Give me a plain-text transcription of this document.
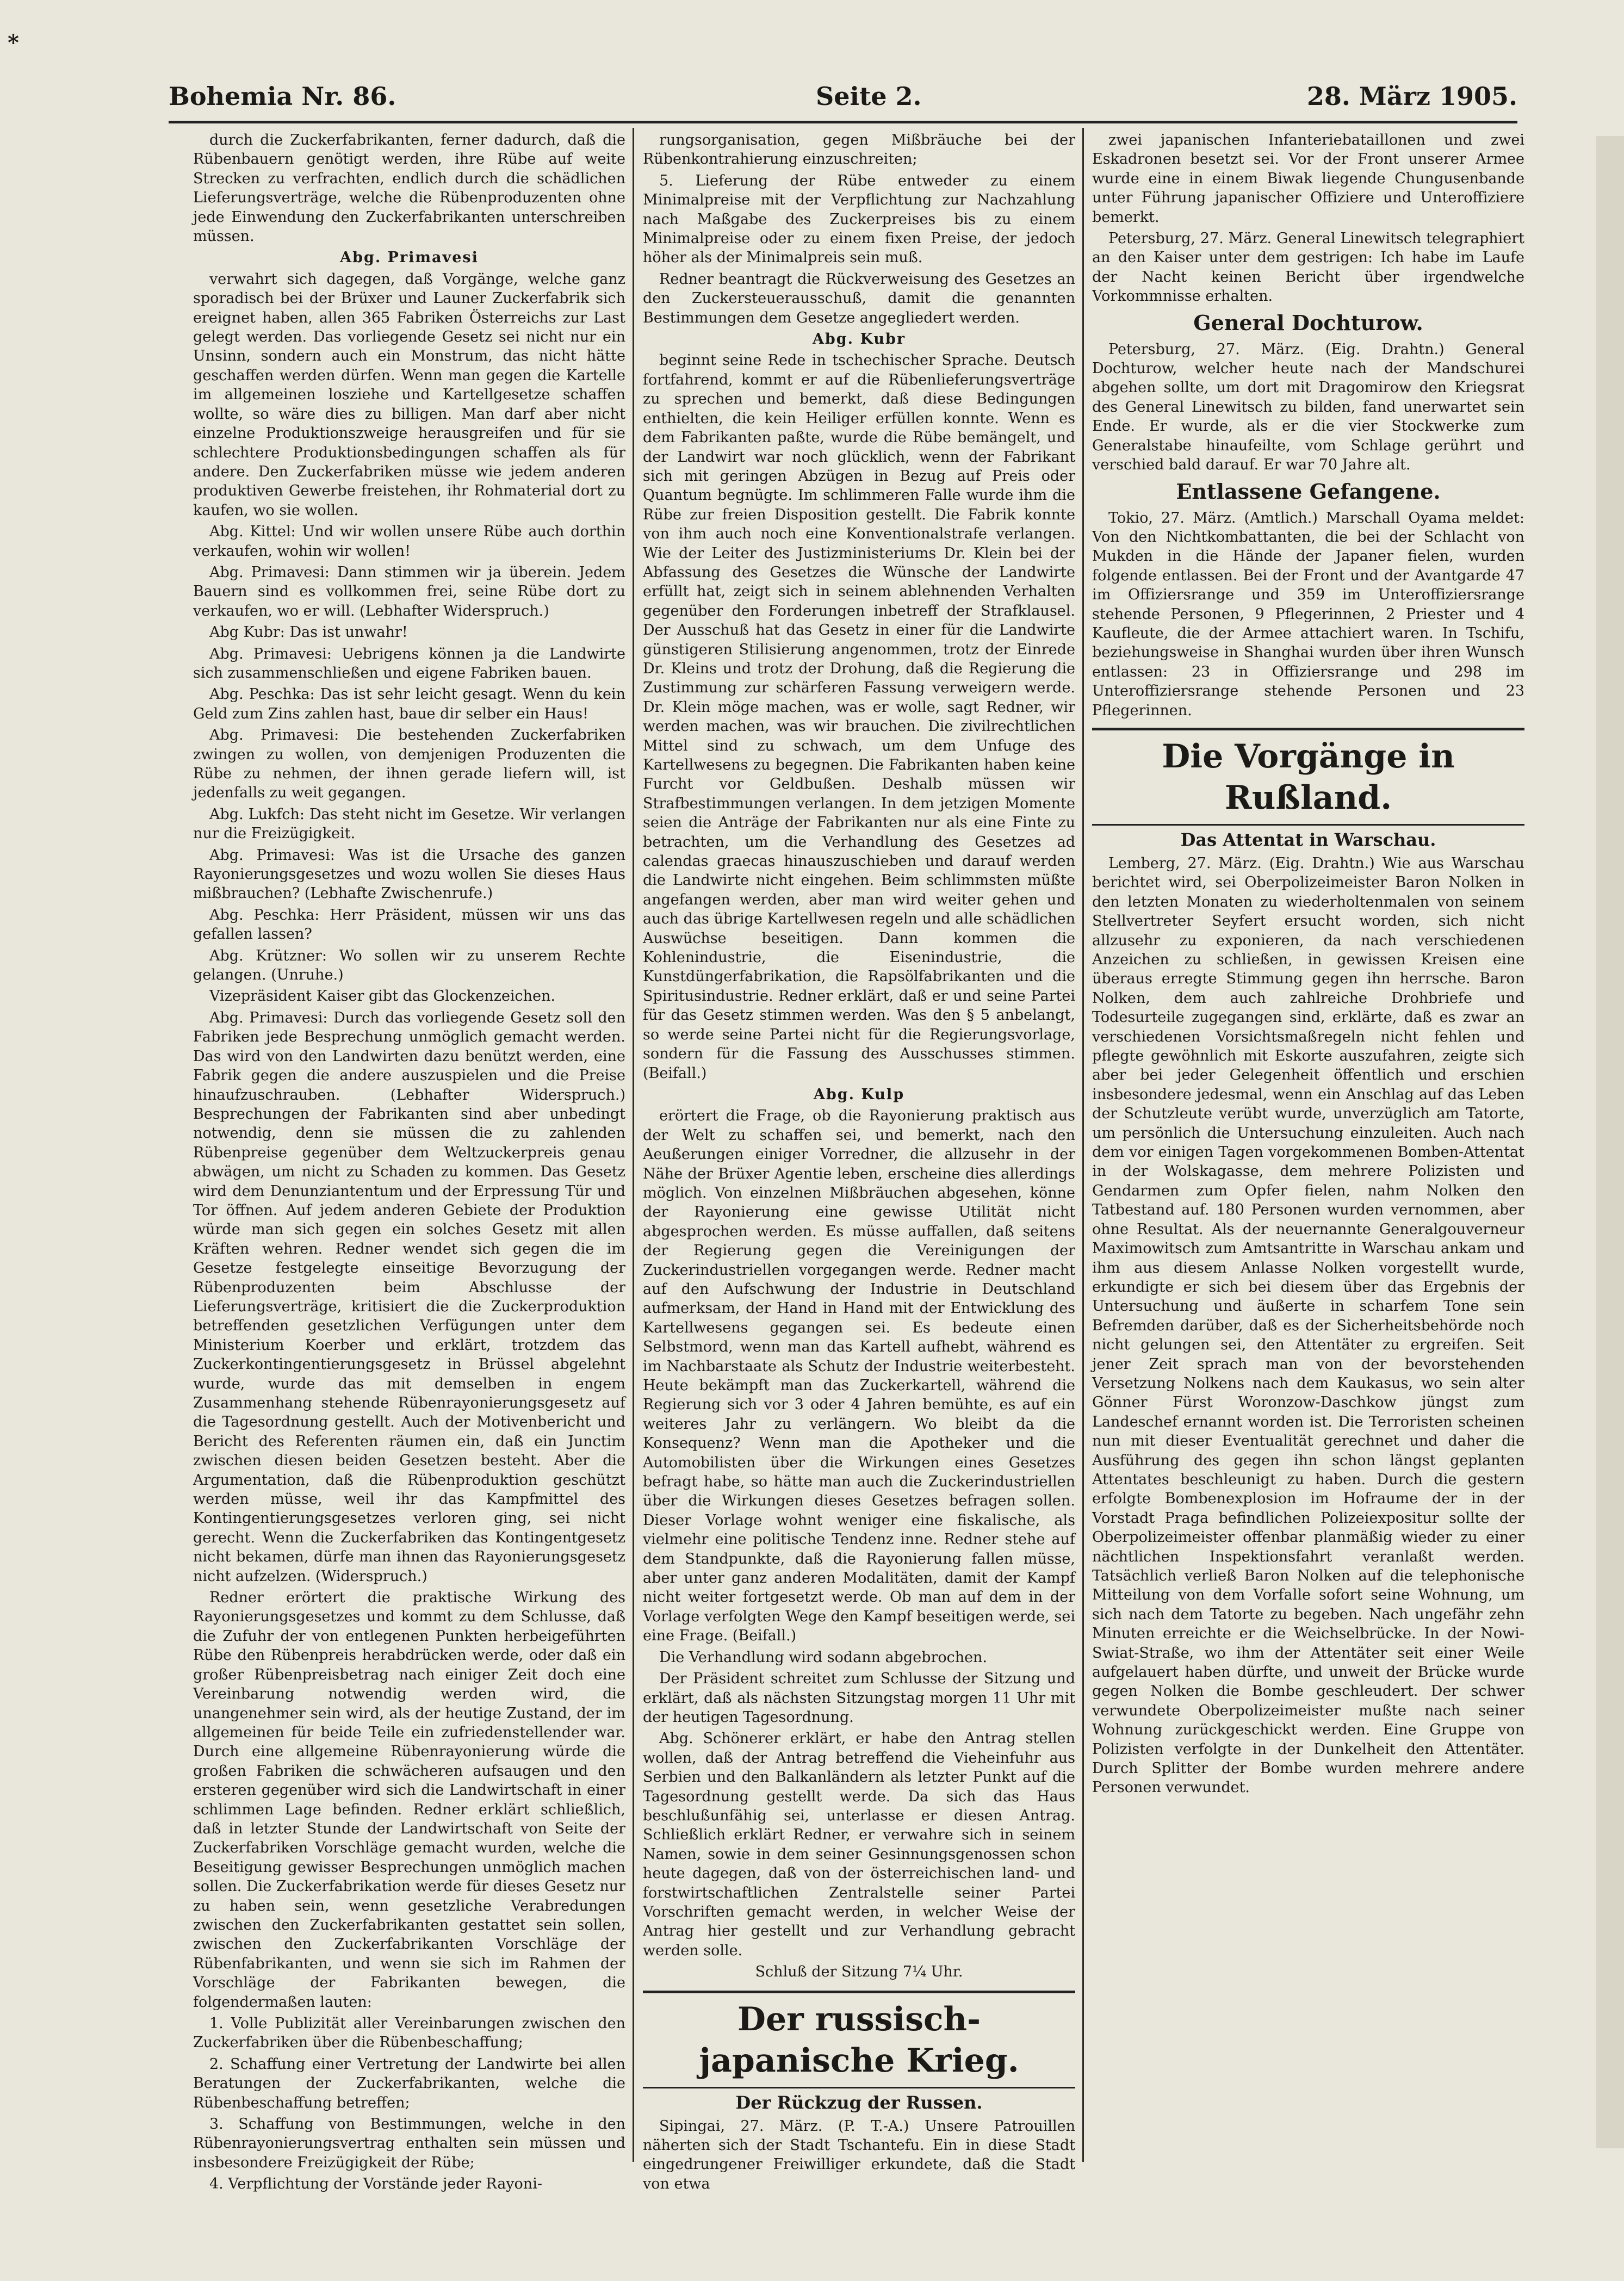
*
Bohemia Nr. 86.	Seite 2.	28. März 1905.

durch die Zuckerfabrikanten, ferner dadurch, daß die Rübenbauern genötigt werden, ihre Rübe auf weite Strecken zu verfrachten, endlich durch die schädlichen Lieferungsverträge, welche die Rübenproduzenten ohne jede Einwendung den Zuckerfabrikanten unterschreiben müssen.

Abg. Primavesi

verwahrt sich dagegen, daß Vorgänge, welche ganz sporadisch bei der Brüxer und Launer Zuckerfabrik sich ereignet haben, allen 365 Fabriken Österreichs zur Last gelegt werden. Das vorliegende Gesetz sei nicht nur ein Unsinn, sondern auch ein Monstrum, das nicht hätte geschaffen werden dürfen. Wenn man gegen die Kartelle im allgemeinen losziehe und Kartellgesetze schaffen wollte, so wäre dies zu billigen. Man darf aber nicht einzelne Produktionszweige herausgreifen und für sie schlechtere Produktionsbedingungen schaffen als für andere. Den Zuckerfabriken müsse wie jedem anderen produktiven Gewerbe freistehen, ihr Rohmaterial dort zu kaufen, wo sie wollen.

Abg. Kittel: Und wir wollen unsere Rübe auch dorthin verkaufen, wohin wir wollen!

Abg. Primavesi: Dann stimmen wir ja überein. Jedem Bauern sind es vollkommen frei, seine Rübe dort zu verkaufen, wo er will. (Lebhafter Widerspruch.)

Abg Kubr: Das ist unwahr!

Abg. Primavesi: Uebrigens können ja die Landwirte sich zusammenschließen und eigene Fabriken bauen.

Abg. Peschka: Das ist sehr leicht gesagt. Wenn du kein Geld zum Zins zahlen hast, baue dir selber ein Haus!

Abg. Primavesi: Die bestehenden Zuckerfabriken zwingen zu wollen, von demjenigen Produzenten die Rübe zu nehmen, der ihnen gerade liefern will, ist jedenfalls zu weit gegangen.

Abg. Lukfch: Das steht nicht im Gesetze. Wir verlangen nur die Freizügigkeit.

Abg. Primavesi: Was ist die Ursache des ganzen Rayonierungsgesetzes und wozu wollen Sie dieses Haus mißbrauchen? (Lebhafte Zwischenrufe.)

Abg. Peschka: Herr Präsident, müssen wir uns das gefallen lassen?

Abg. Krützner: Wo sollen wir zu unserem Rechte gelangen. (Unruhe.)

Vizepräsident Kaiser gibt das Glockenzeichen.

Abg. Primavesi: Durch das vorliegende Gesetz soll den Fabriken jede Besprechung unmöglich gemacht werden. Das wird von den Landwirten dazu benützt werden, eine Fabrik gegen die andere auszuspielen und die Preise hinaufzuschrauben. (Lebhafter Widerspruch.) Besprechungen der Fabrikanten sind aber unbedingt notwendig, denn sie müssen die zu zahlenden Rübenpreise gegenüber dem Weltzuckerpreis genau abwägen, um nicht zu Schaden zu kommen. Das Gesetz wird dem Denunziantentum und der Erpressung Tür und Tor öffnen. Auf jedem anderen Gebiete der Produktion würde man sich gegen ein solches Gesetz mit allen Kräften wehren. Redner wendet sich gegen die im Gesetze festgelegte einseitige Bevorzugung der Rübenproduzenten beim Abschlusse der Lieferungsverträge, kritisiert die die Zuckerproduktion betreffenden gesetzlichen Verfügungen unter dem Ministerium Koerber und erklärt, trotzdem das Zuckerkontingentierungsgesetz in Brüssel abgelehnt wurde, wurde das mit demselben in engem Zusammenhang stehende Rübenrayonierungsgesetz auf die Tagesordnung gestellt. Auch der Motivenbericht und Bericht des Referenten räumen ein, daß ein Junctim zwischen diesen beiden Gesetzen besteht. Aber die Argumentation, daß die Rübenproduktion geschützt werden müsse, weil ihr das Kampfmittel des Kontingentierungsgesetzes verloren ging, sei nicht gerecht. Wenn die Zuckerfabriken das Kontingentgesetz nicht bekamen, dürfe man ihnen das Rayonierungsgesetz nicht aufzelzen. (Widerspruch.)

Redner erörtert die praktische Wirkung des Rayonierungsgesetzes und kommt zu dem Schlusse, daß die Zufuhr der von entlegenen Punkten herbeigeführten Rübe den Rübenpreis herabdrücken werde, oder daß ein großer Rübenpreisbetrag nach einiger Zeit doch eine Vereinbarung notwendig werden wird, die unangenehmer sein wird, als der heutige Zustand, der im allgemeinen für beide Teile ein zufriedenstellender war. Durch eine allgemeine Rübenrayonierung würde die großen Fabriken die schwächeren aufsaugen und den ersteren gegenüber wird sich die Landwirtschaft in einer schlimmen Lage befinden. Redner erklärt schließlich, daß in letzter Stunde der Landwirtschaft von Seite der Zuckerfabriken Vorschläge gemacht wurden, welche die Beseitigung gewisser Besprechungen unmöglich machen sollen. Die Zuckerfabrikation werde für dieses Gesetz nur zu haben sein, wenn gesetzliche Verabredungen zwischen den Zuckerfabrikanten gestattet sein sollen, zwischen den Zuckerfabrikanten Vorschläge der Rübenfabrikanten, und wenn sie sich im Rahmen der Vorschläge der Fabrikanten bewegen, die folgendermaßen lauten:

1. Volle Publizität aller Vereinbarungen zwischen den Zuckerfabriken über die Rübenbeschaffung;

2. Schaffung einer Vertretung der Landwirte bei allen Beratungen der Zuckerfabrikanten, welche die Rübenbeschaffung betreffen;

3. Schaffung von Bestimmungen, welche in den Rübenrayonierungsvertrag enthalten sein müssen und insbesondere Freizügigkeit der Rübe;

4. Verpflichtung der Vorstände jeder Rayoni-

rungsorganisation, gegen Mißbräuche bei der Rübenkontrahierung einzuschreiten;

5. Lieferung der Rübe entweder zu einem Minimalpreise mit der Verpflichtung zur Nachzahlung nach Maßgabe des Zuckerpreises bis zu einem Minimalpreise oder zu einem fixen Preise, der jedoch höher als der Minimalpreis sein muß.

Redner beantragt die Rückverweisung des Gesetzes an den Zuckersteuerausschuß, damit die genannten Bestimmungen dem Gesetze angegliedert werden.

Abg. Kubr

beginnt seine Rede in tschechischer Sprache. Deutsch fortfahrend, kommt er auf die Rübenlieferungsverträge zu sprechen und bemerkt, daß diese Bedingungen enthielten, die kein Heiliger erfüllen konnte. Wenn es dem Fabrikanten paßte, wurde die Rübe bemängelt, und der Landwirt war noch glücklich, wenn der Fabrikant sich mit geringen Abzügen in Bezug auf Preis oder Quantum begnügte. Im schlimmeren Falle wurde ihm die Rübe zur freien Disposition gestellt. Die Fabrik konnte von ihm auch noch eine Konventionalstrafe verlangen. Wie der Leiter des Justizministeriums Dr. Klein bei der Abfassung des Gesetzes die Wünsche der Landwirte erfüllt hat, zeigt sich in seinem ablehnenden Verhalten gegenüber den Forderungen inbetreff der Strafklausel. Der Ausschuß hat das Gesetz in einer für die Landwirte günstigeren Stilisierung angenommen, trotz der Einrede Dr. Kleins und trotz der Drohung, daß die Regierung die Zustimmung zur schärferen Fassung verweigern werde. Dr. Klein möge machen, was er wolle, sagt Redner, wir werden machen, was wir brauchen. Die zivilrechtlichen Mittel sind zu schwach, um dem Unfuge des Kartellwesens zu begegnen. Die Fabrikanten haben keine Furcht vor Geldbußen. Deshalb müssen wir Strafbestimmungen verlangen. In dem jetzigen Momente seien die Anträge der Fabrikanten nur als eine Finte zu betrachten, um die Verhandlung des Gesetzes ad calendas graecas hinauszuschieben und darauf werden die Landwirte nicht eingehen. Beim schlimmsten müßte angefangen werden, aber man wird weiter gehen und auch das übrige Kartellwesen regeln und alle schädlichen Auswüchse beseitigen. Dann kommen die Kohlenindustrie, die Eisenindustrie, die Kunstdüngerfabrikation, die Rapsölfabrikanten und die Spiritusindustrie. Redner erklärt, daß er und seine Partei für das Gesetz stimmen werden. Was den § 5 anbelangt, so werde seine Partei nicht für die Regierungsvorlage, sondern für die Fassung des Ausschusses stimmen. (Beifall.)

Abg. Kulp

erörtert die Frage, ob die Rayonierung praktisch aus der Welt zu schaffen sei, und bemerkt, nach den Aeußerungen einiger Vorredner, die allzusehr in der Nähe der Brüxer Agentie leben, erscheine dies allerdings möglich. Von einzelnen Mißbräuchen abgesehen, könne der Rayonierung eine gewisse Utilität nicht abgesprochen werden. Es müsse auffallen, daß seitens der Regierung gegen die Vereinigungen der Zuckerindustriellen vorgegangen werde. Redner macht auf den Aufschwung der Industrie in Deutschland aufmerksam, der Hand in Hand mit der Entwicklung des Kartellwesens gegangen sei. Es bedeute einen Selbstmord, wenn man das Kartell aufhebt, während es im Nachbarstaate als Schutz der Industrie weiterbesteht. Heute bekämpft man das Zuckerkartell, während die Regierung sich vor 3 oder 4 Jahren bemühte, es auf ein weiteres Jahr zu verlängern. Wo bleibt da die Konsequenz? Wenn man die Apotheker und die Automobilisten über die Wirkungen eines Gesetzes befragt habe, so hätte man auch die Zuckerindustriellen über die Wirkungen dieses Gesetzes befragen sollen. Dieser Vorlage wohnt weniger eine fiskalische, als vielmehr eine politische Tendenz inne. Redner stehe auf dem Standpunkte, daß die Rayonierung fallen müsse, aber unter ganz anderen Modalitäten, damit der Kampf nicht weiter fortgesetzt werde. Ob man auf dem in der Vorlage verfolgten Wege den Kampf beseitigen werde, sei eine Frage. (Beifall.)

Die Verhandlung wird sodann abgebrochen.

Der Präsident schreitet zum Schlusse der Sitzung und erklärt, daß als nächsten Sitzungstag morgen 11 Uhr mit der heutigen Tagesordnung.

Abg. Schönerer erklärt, er habe den Antrag stellen wollen, daß der Antrag betreffend die Vieheinfuhr aus Serbien und den Balkanländern als letzter Punkt auf die Tagesordnung gestellt werde. Da sich das Haus beschlußunfähig sei, unterlasse er diesen Antrag. Schließlich erklärt Redner, er verwahre sich in seinem Namen, sowie in dem seiner Gesinnungsgenossen schon heute dagegen, daß von der österreichischen land- und forstwirtschaftlichen Zentralstelle seiner Partei Vorschriften gemacht werden, in welcher Weise der Antrag hier gestellt und zur Verhandlung gebracht werden solle.

Schluß der Sitzung 7¼ Uhr.

Der russisch-japanische Krieg.
Der Rückzug der Russen.

Sipingai, 27. März. (P. T.-A.) Unsere Patrouillen näherten sich der Stadt Tschantefu. Ein in diese Stadt eingedrungener Freiwilliger erkundete, daß die Stadt von etwa

zwei japanischen Infanteriebataillonen und zwei Eskadronen besetzt sei. Vor der Front unserer Armee wurde eine in einem Biwak liegende Chungusenbande unter Führung japanischer Offiziere und Unteroffiziere bemerkt.

Petersburg, 27. März. General Linewitsch telegraphiert an den Kaiser unter dem gestrigen: Ich habe im Laufe der Nacht keinen Bericht über irgendwelche Vorkommnisse erhalten.

General Dochturow.

Petersburg, 27. März. (Eig. Drahtn.) General Dochturow, welcher heute nach der Mandschurei abgehen sollte, um dort mit Dragomirow den Kriegsrat des General Linewitsch zu bilden, fand unerwartet sein Ende. Er wurde, als er die vier Stockwerke zum Generalstabe hinaufeilte, vom Schlage gerührt und verschied bald darauf. Er war 70 Jahre alt.

Entlassene Gefangene.

Tokio, 27. März. (Amtlich.) Marschall Oyama meldet: Von den Nichtkombattanten, die bei der Schlacht von Mukden in die Hände der Japaner fielen, wurden folgende entlassen. Bei der Front und der Avantgarde 47 im Offiziersrange und 359 im Unteroffiziersrange stehende Personen, 9 Pflegerinnen, 2 Priester und 4 Kaufleute, die der Armee attachiert waren. In Tschifu, beziehungsweise in Shanghai wurden über ihren Wunsch entlassen: 23 in Offiziersrange und 298 im Unteroffiziersrange stehende Personen und 23 Pflegerinnen.

Die Vorgänge in Rußland.
Das Attentat in Warschau.

Lemberg, 27. März. (Eig. Drahtn.) Wie aus Warschau berichtet wird, sei Oberpolizeimeister Baron Nolken in den letzten Monaten zu wiederholtenmalen von seinem Stellvertreter Seyfert ersucht worden, sich nicht allzusehr zu exponieren, da nach verschiedenen Anzeichen zu schließen, in gewissen Kreisen eine überaus erregte Stimmung gegen ihn herrsche. Baron Nolken, dem auch zahlreiche Drohbriefe und Todesurteile zugegangen sind, erklärte, daß es zwar an verschiedenen Vorsichtsmaßregeln nicht fehlen und pflegte gewöhnlich mit Eskorte auszufahren, zeigte sich aber bei jeder Gelegenheit öffentlich und erschien insbesondere jedesmal, wenn ein Anschlag auf das Leben der Schutzleute verübt wurde, unverzüglich am Tatorte, um persönlich die Untersuchung einzuleiten. Auch nach dem vor einigen Tagen vorgekommenen Bomben-Attentat in der Wolskagasse, dem mehrere Polizisten und Gendarmen zum Opfer fielen, nahm Nolken den Tatbestand auf. 180 Personen wurden vernommen, aber ohne Resultat. Als der neuernannte Generalgouverneur Maximowitsch zum Amtsantritte in Warschau ankam und ihm aus diesem Anlasse Nolken vorgestellt wurde, erkundigte er sich bei diesem über das Ergebnis der Untersuchung und äußerte in scharfem Tone sein Befremden darüber, daß es der Sicherheitsbehörde noch nicht gelungen sei, den Attentäter zu ergreifen. Seit jener Zeit sprach man von der bevorstehenden Versetzung Nolkens nach dem Kaukasus, wo sein alter Gönner Fürst Woronzow-Daschkow jüngst zum Landeschef ernannt worden ist. Die Terroristen scheinen nun mit dieser Eventualität gerechnet und daher die Ausführung des gegen ihn schon längst geplanten Attentates beschleunigt zu haben. Durch die gestern erfolgte Bombenexplosion im Hofraume der in der Vorstadt Praga befindlichen Polizeiexpositur sollte der Oberpolizeimeister offenbar planmäßig wieder zu einer nächtlichen Inspektionsfahrt veranlaßt werden. Tatsächlich verließ Baron Nolken auf die telephonische Mitteilung von dem Vorfalle sofort seine Wohnung, um sich nach dem Tatorte zu begeben. Nach ungefähr zehn Minuten erreichte er die Weichselbrücke. In der Nowi-Swiat-Straße, wo ihm der Attentäter seit einer Weile aufgelauert haben dürfte, und unweit der Brücke wurde gegen Nolken die Bombe geschleudert. Der schwer verwundete Oberpolizeimeister mußte nach seiner Wohnung zurückgeschickt werden. Eine Gruppe von Polizisten verfolgte in der Dunkelheit den Attentäter. Durch Splitter der Bombe wurden mehrere andere Personen verwundet.
